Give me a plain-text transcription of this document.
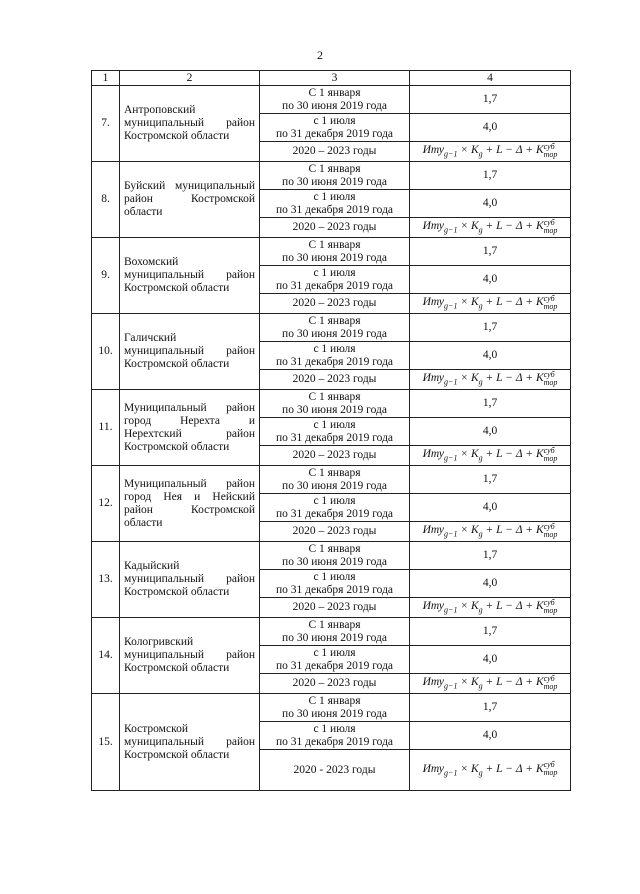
2
1	2	3	4
7.	Антроповский муниципальный район Костромской области	С 1 января
по 30 июня 2019 года	1,7
		с 1 июля
по 31 декабря 2019 года	4,0
		2020 – 2023 годы	$Иту_{g-1} \times K_g + L - \Delta + K$ суб
тор

8.	Буйский муниципальный район Костромской области	С 1 января
по 30 июня 2019 года	1,7
		с 1 июля
по 31 декабря 2019 года	4,0
		2020 – 2023 годы	$Иту_{g-1} \times K_g + L - \Delta + K$ суб
тор

9.	Вохомский муниципальный район Костромской области	С 1 января
по 30 июня 2019 года	1,7
		с 1 июля
по 31 декабря 2019 года	4,0
		2020 – 2023 годы	$Иту_{g-1} \times K_g + L - \Delta + K$ суб
тор

10.	Галичский муниципальный район Костромской области	С 1 января
по 30 июня 2019 года	1,7
		с 1 июля
по 31 декабря 2019 года	4,0
		2020 – 2023 годы	$Иту_{g-1} \times K_g + L - \Delta + K$ суб
тор

11.	Муниципальный район город Нерехта и Нерехтский район Костромской области	С 1 января
по 30 июня 2019 года	1,7
		с 1 июля
по 31 декабря 2019 года	4,0
		2020 – 2023 годы	$Иту_{g-1} \times K_g + L - \Delta + K$ суб
тор

12.	Муниципальный район город Нея и Нейский район Костромской области	С 1 января
по 30 июня 2019 года	1,7
		с 1 июля
по 31 декабря 2019 года	4,0
		2020 – 2023 годы	$Иту_{g-1} \times K_g + L - \Delta + K$ суб
тор

13.	Кадыйский муниципальный район Костромской области	С 1 января
по 30 июня 2019 года	1,7
		с 1 июля
по 31 декабря 2019 года	4,0
		2020 – 2023 годы	$Иту_{g-1} \times K_g + L - \Delta + K$ суб
тор

14.	Кологривский муниципальный район Костромской области	С 1 января
по 30 июня 2019 года	1,7
		с 1 июля
по 31 декабря 2019 года	4,0
		2020 – 2023 годы	$Иту_{g-1} \times K_g + L - \Delta + K$ суб
тор

15.	Костромской муниципальный район Костромской области	С 1 января
по 30 июня 2019 года	1,7
		с 1 июля
по 31 декабря 2019 года	4,0
		2020 - 2023 годы	$Иту_{g-1} \times K_g + L - \Delta + K$ суб
тор
